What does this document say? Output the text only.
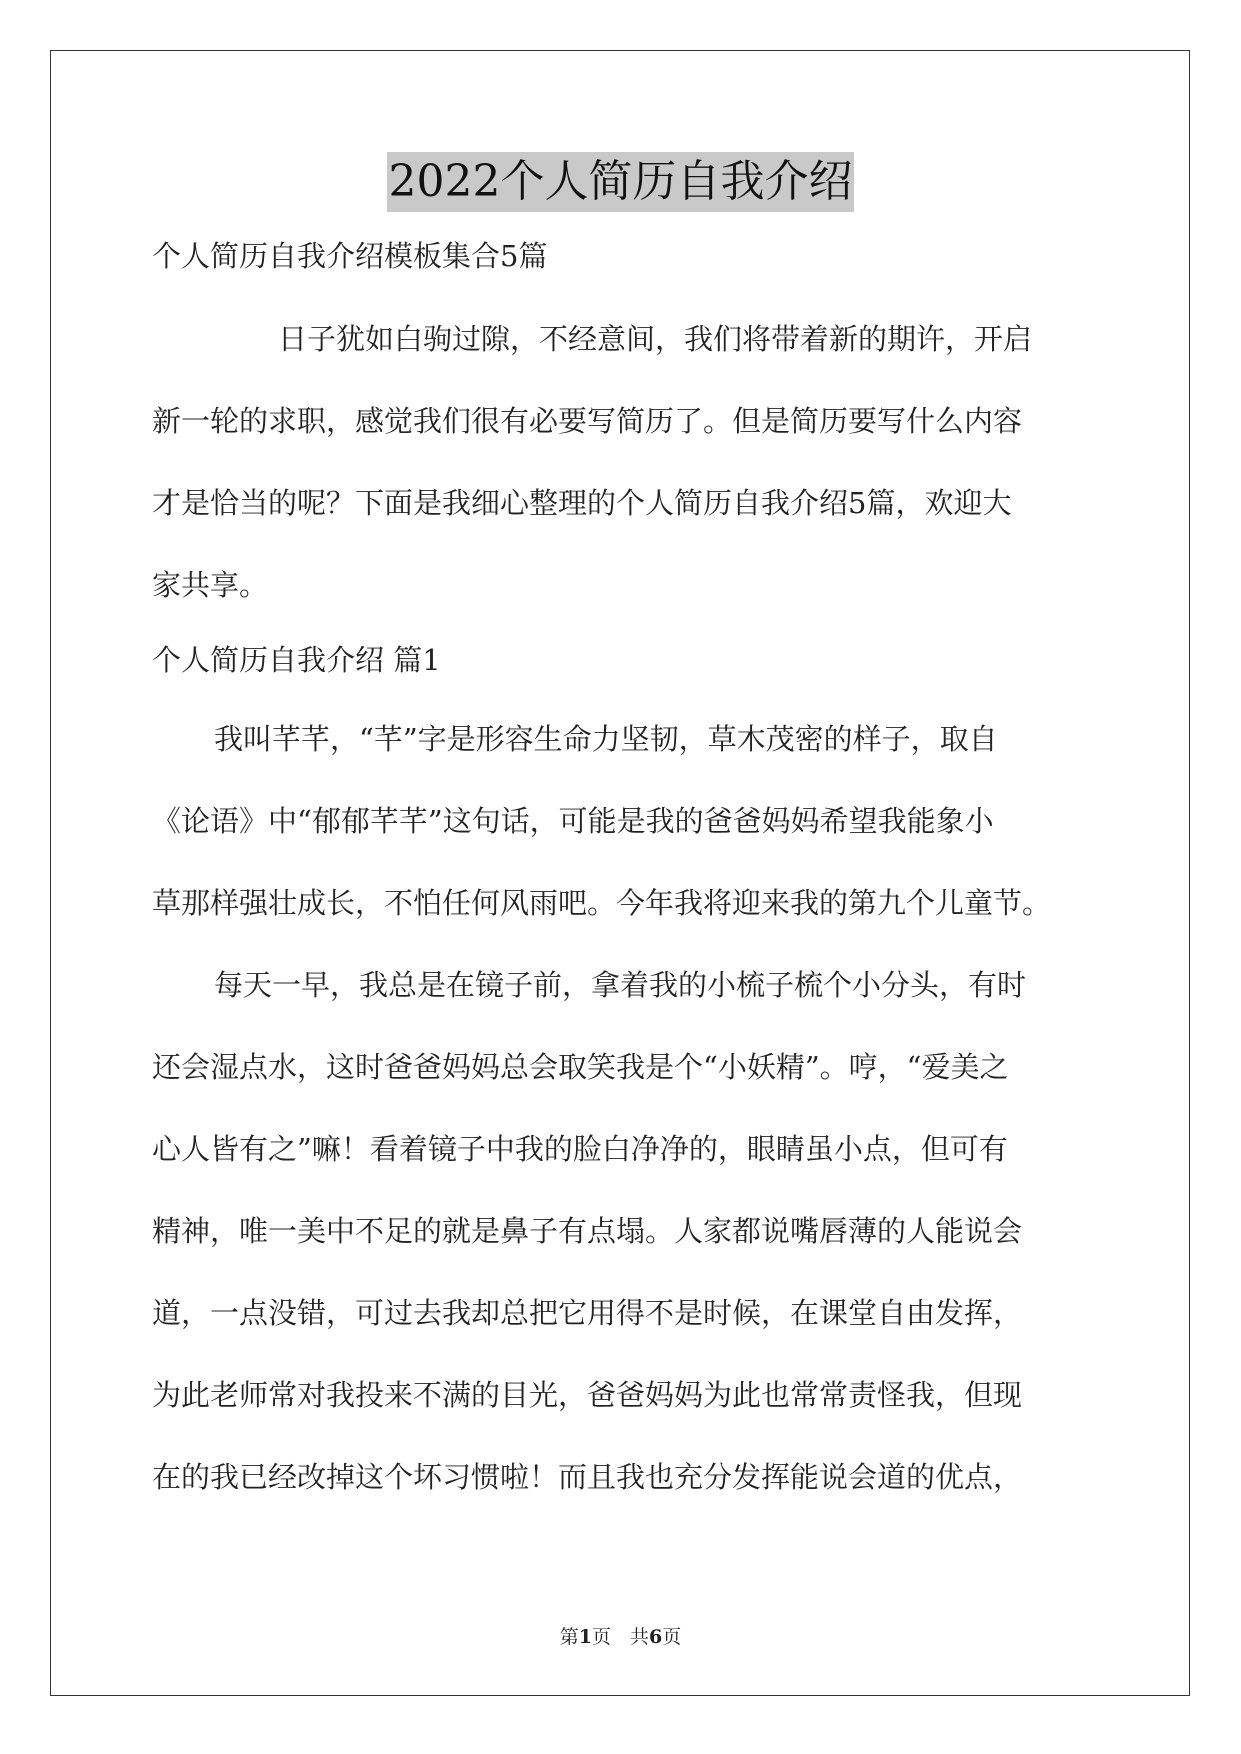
2022个人简历自我介绍

个人简历自我介绍模板集合5篇

日子犹如白驹过隙，不经意间，我们将带着新的期许，开启
新一轮的求职，感觉我们很有必要写简历了。但是简历要写什么内容
才是恰当的呢？下面是我细心整理的个人简历自我介绍5篇，欢迎大
家共享。

个人简历自我介绍 篇1

我叫芊芊，“芊”字是形容生命力坚韧，草木茂密的样子，取自
《论语》中“郁郁芊芊”这句话，可能是我的爸爸妈妈希望我能象小
草那样强壮成长，不怕任何风雨吧。今年我将迎来我的第九个儿童节。
每天一早，我总是在镜子前，拿着我的小梳子梳个小分头，有时
还会湿点水，这时爸爸妈妈总会取笑我是个“小妖精”。哼，“爱美之
心人皆有之”嘛！看着镜子中我的脸白净净的，眼睛虽小点，但可有
精神，唯一美中不足的就是鼻子有点塌。人家都说嘴唇薄的人能说会
道，一点没错，可过去我却总把它用得不是时候，在课堂自由发挥，
为此老师常对我投来不满的目光，爸爸妈妈为此也常常责怪我，但现
在的我已经改掉这个坏习惯啦！而且我也充分发挥能说会道的优点，
第1页　共6页
